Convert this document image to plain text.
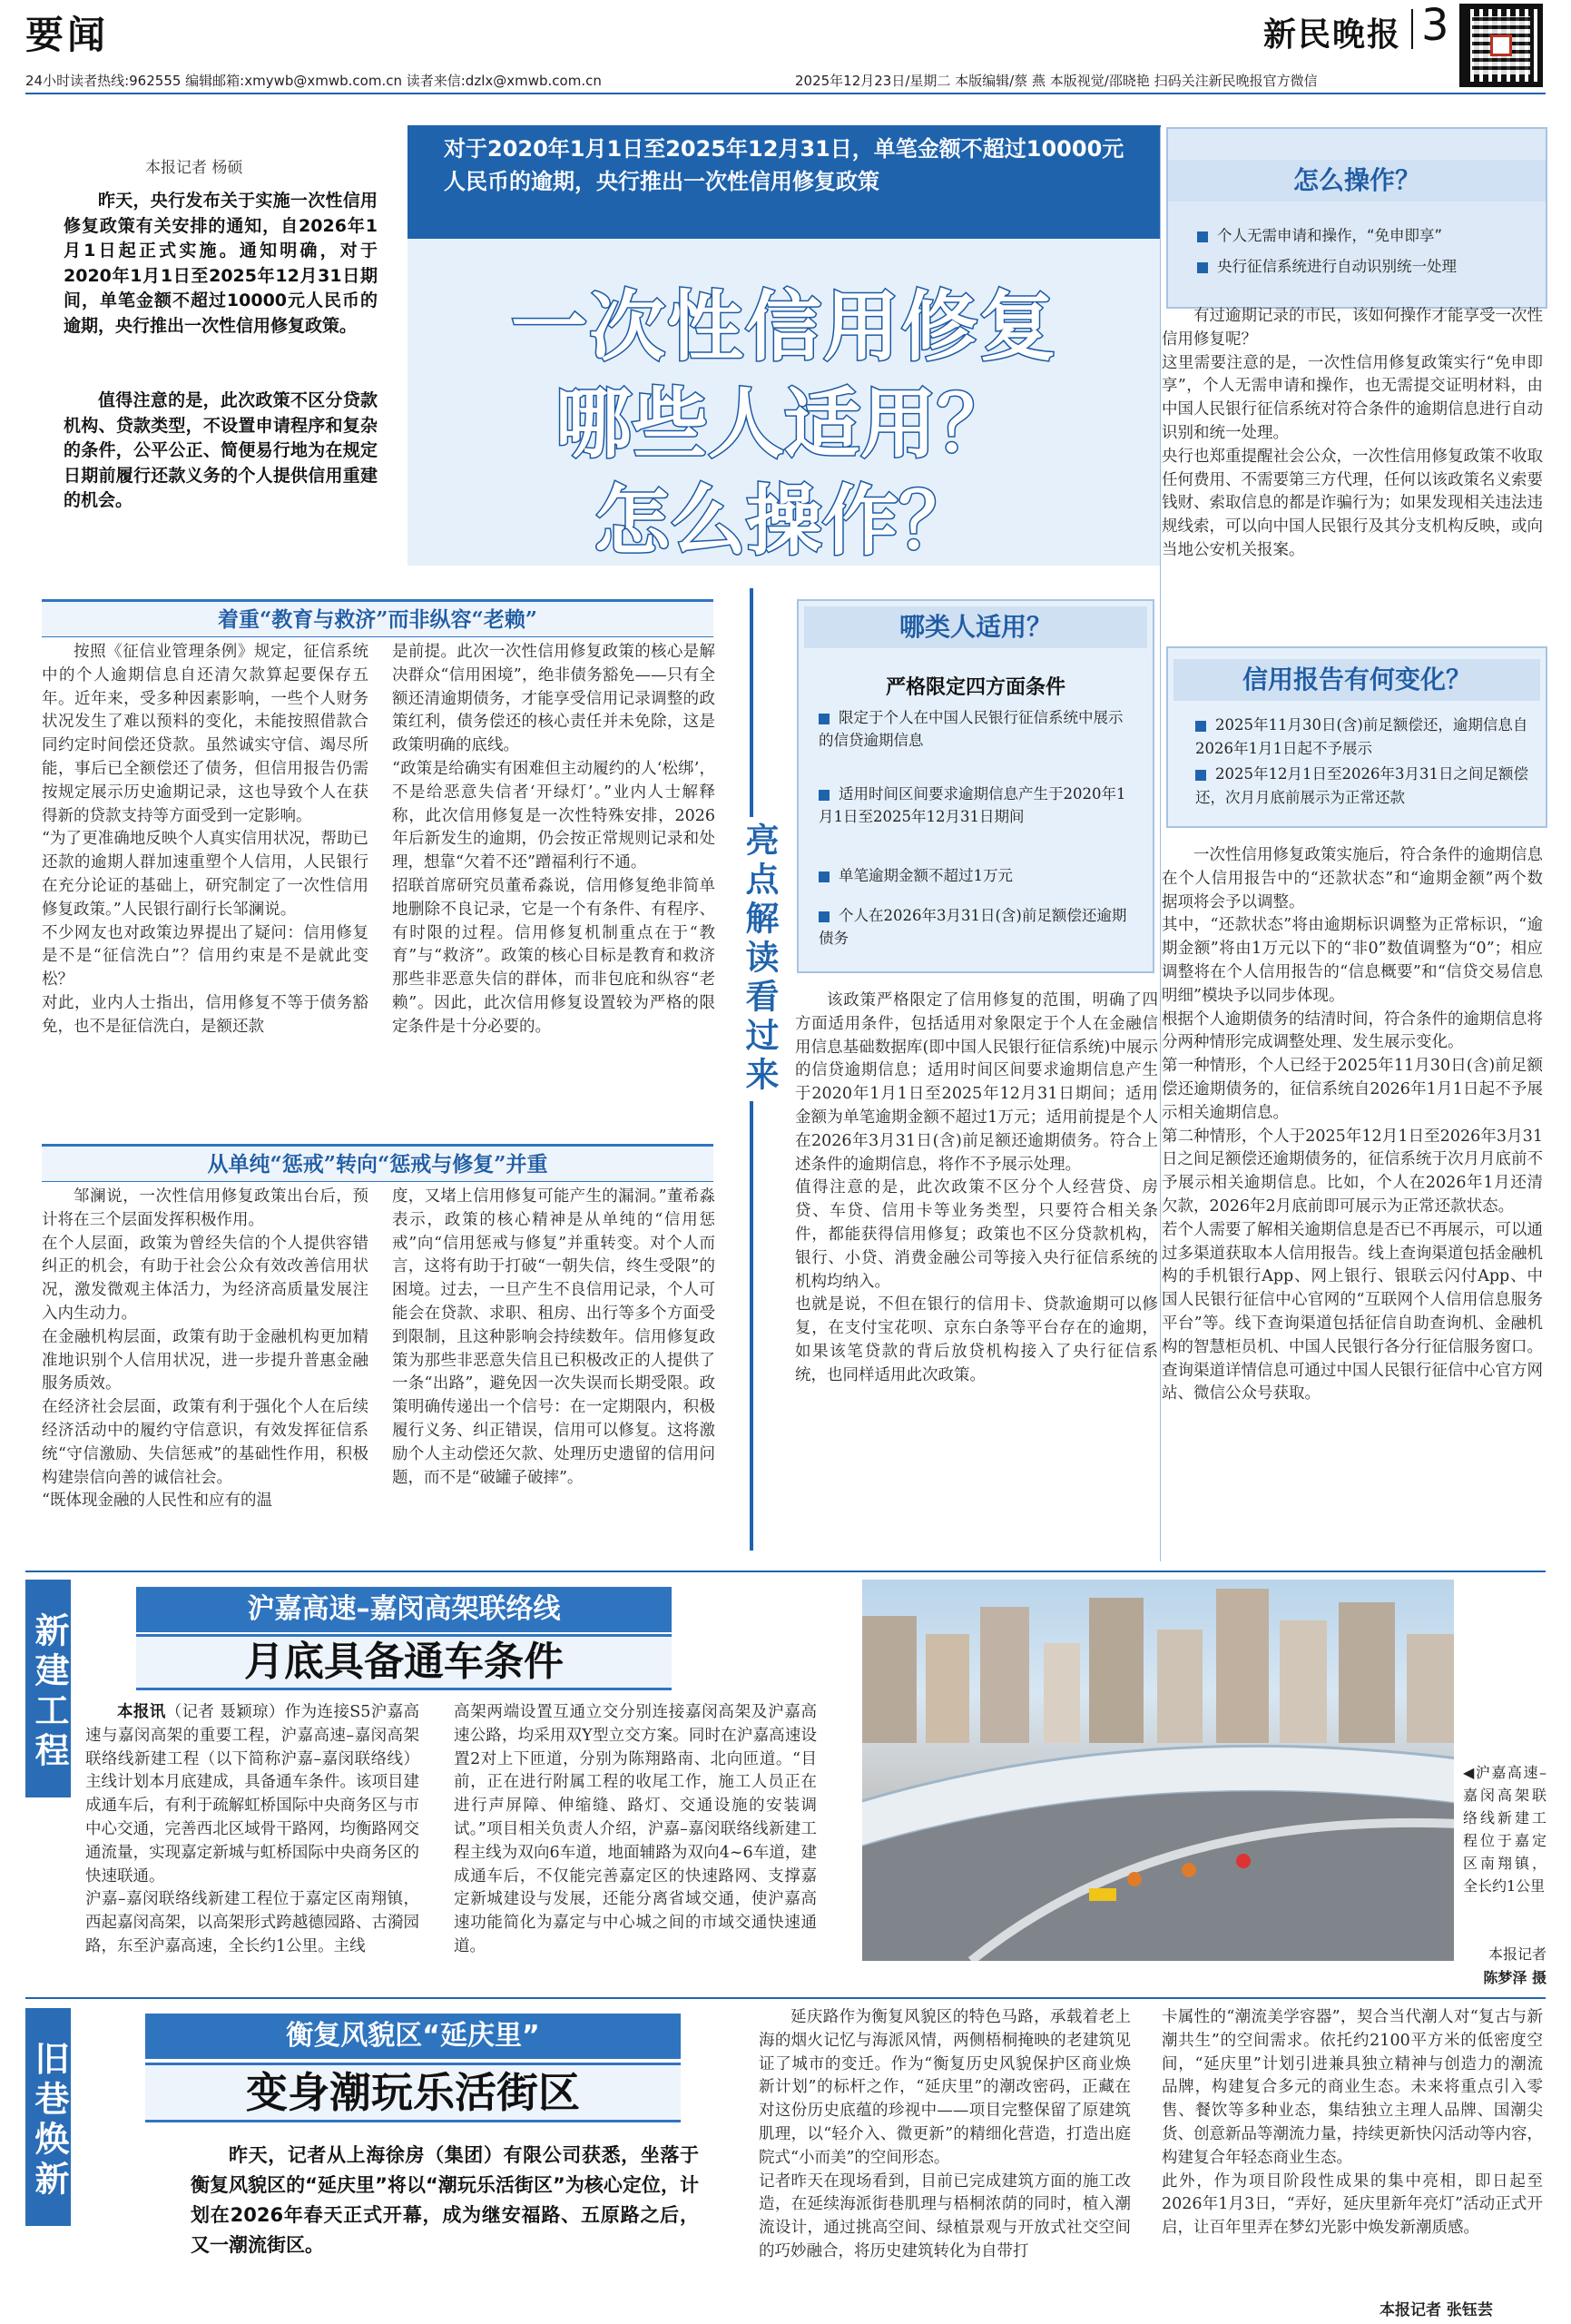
要闻	新民晚报 3
24小时读者热线:962555 编辑邮箱:xmywb@xmwb.com.cn 读者来信:dzlx@xmwb.com.cn	2025年12月23日/星期二 本版编辑/蔡 燕 本版视觉/邵晓艳 扫码关注新民晚报官方微信
本报记者 杨硕
昨天，央行发布关于实施一次性信用修复政策有关安排的通知，自2026年1月1日起正式实施。通知明确，对于2020年1月1日至2025年12月31日期间，单笔金额不超过10000元人民币的逾期，央行推出一次性信用修复政策。
值得注意的是，此次政策不区分贷款机构、贷款类型，不设置申请程序和复杂的条件，公平公正、简便易行地为在规定日期前履行还款义务的个人提供信用重建的机会。
对于2020年1月1日至2025年12月31日，单笔金额不超过10000元人民币的逾期，央行推出一次性信用修复政策
一次性信用修复
哪些人适用？
怎么操作？
怎么操作？
个人无需申请和操作，“免申即享”
央行征信系统进行自动识别统一处理
有过逾期记录的市民，该如何操作才能享受一次性信用修复呢？
这里需要注意的是，一次性信用修复政策实行“免申即享”，个人无需申请和操作，也无需提交证明材料，由中国人民银行征信系统对符合条件的逾期信息进行自动识别和统一处理。
央行也郑重提醒社会公众，一次性信用修复政策不收取任何费用、不需要第三方代理，任何以该政策名义索要钱财、索取信息的都是诈骗行为；如果发现相关违法违规线索，可以向中国人民银行及其分支机构反映，或向当地公安机关报案。
着重“教育与救济”而非纵容“老赖”
按照《征信业管理条例》规定，征信系统中的个人逾期信息自还清欠款算起要保存五年。近年来，受多种因素影响，一些个人财务状况发生了难以预料的变化，未能按照借款合同约定时间偿还贷款。虽然诚实守信、竭尽所能，事后已全额偿还了债务，但信用报告仍需按规定展示历史逾期记录，这也导致个人在获得新的贷款支持等方面受到一定影响。
“为了更准确地反映个人真实信用状况，帮助已还款的逾期人群加速重塑个人信用，人民银行在充分论证的基础上，研究制定了一次性信用修复政策。”人民银行副行长邹澜说。
不少网友也对政策边界提出了疑问：信用修复是不是“征信洗白”？信用约束是不是就此变松？
对此，业内人士指出，信用修复不等于债务豁免，也不是征信洗白，是额还款
是前提。此次一次性信用修复政策的核心是解决群众“信用困境”，绝非债务豁免——只有全额还清逾期债务，才能享受信用记录调整的政策红利，债务偿还的核心责任并未免除，这是政策明确的底线。
“政策是给确实有困难但主动履约的人‘松绑’，不是给恶意失信者‘开绿灯’。”业内人士解释称，此次信用修复是一次性特殊安排，2026年后新发生的逾期，仍会按正常规则记录和处理，想靠“欠着不还”蹭福利行不通。
招联首席研究员董希淼说，信用修复绝非简单地删除不良记录，它是一个有条件、有程序、有时限的过程。信用修复机制重点在于“教育”与“救济”。政策的核心目标是教育和救济那些非恶意失信的群体，而非包庇和纵容“老赖”。因此，此次信用修复设置较为严格的限定条件是十分必要的。
从单纯“惩戒”转向“惩戒与修复”并重
邹澜说，一次性信用修复政策出台后，预计将在三个层面发挥积极作用。
在个人层面，政策为曾经失信的个人提供容错纠正的机会，有助于社会公众有效改善信用状况，激发微观主体活力，为经济高质量发展注入内生动力。
在金融机构层面，政策有助于金融机构更加精准地识别个人信用状况，进一步提升普惠金融服务质效。
在经济社会层面，政策有利于强化个人在后续经济活动中的履约守信意识，有效发挥征信系统“守信激励、失信惩戒”的基础性作用，积极构建崇信向善的诚信社会。
“既体现金融的人民性和应有的温
度，又堵上信用修复可能产生的漏洞。”董希淼表示，政策的核心精神是从单纯的“信用惩戒”向“信用惩戒与修复”并重转变。对个人而言，这将有助于打破“一朝失信，终生受限”的困境。过去，一旦产生不良信用记录，个人可能会在贷款、求职、租房、出行等多个方面受到限制，且这种影响会持续数年。信用修复政策为那些非恶意失信且已积极改正的人提供了一条“出路”，避免因一次失误而长期受限。政策明确传递出一个信号：在一定期限内，积极履行义务、纠正错误，信用可以修复。这将激励个人主动偿还欠款、处理历史遗留的信用问题，而不是“破罐子破摔”。
亮点解读看过来
哪类人适用？
严格限定四方面条件
限定于个人在中国人民银行征信系统中展示的信贷逾期信息
适用时间区间要求逾期信息产生于2020年1月1日至2025年12月31日期间
单笔逾期金额不超过1万元
个人在2026年3月31日(含)前足额偿还逾期债务
该政策严格限定了信用修复的范围，明确了四方面适用条件，包括适用对象限定于个人在金融信用信息基础数据库(即中国人民银行征信系统)中展示的信贷逾期信息；适用时间区间要求逾期信息产生于2020年1月1日至2025年12月31日期间；适用金额为单笔逾期金额不超过1万元；适用前提是个人在2026年3月31日(含)前足额还逾期债务。符合上述条件的逾期信息，将作不予展示处理。
值得注意的是，此次政策不区分个人经营贷、房贷、车贷、信用卡等业务类型，只要符合相关条件，都能获得信用修复；政策也不区分贷款机构，银行、小贷、消费金融公司等接入央行征信系统的机构均纳入。
也就是说，不但在银行的信用卡、贷款逾期可以修复，在支付宝花呗、京东白条等平台存在的逾期，如果该笔贷款的背后放贷机构接入了央行征信系统，也同样适用此次政策。
信用报告有何变化？
2025年11月30日(含)前足额偿还，逾期信息自2026年1月1日起不予展示
2025年12月1日至2026年3月31日之间足额偿还，次月月底前展示为正常还款
一次性信用修复政策实施后，符合条件的逾期信息在个人信用报告中的“还款状态”和“逾期金额”两个数据项将会予以调整。
其中，“还款状态”将由逾期标识调整为正常标识，“逾期金额”将由1万元以下的“非0”数值调整为“0”；相应调整将在个人信用报告的“信息概要”和“信贷交易信息明细”模块予以同步体现。
根据个人逾期债务的结清时间，符合条件的逾期信息将分两种情形完成调整处理、发生展示变化。
第一种情形，个人已经于2025年11月30日(含)前足额偿还逾期债务的，征信系统自2026年1月1日起不予展示相关逾期信息。
第二种情形，个人于2025年12月1日至2026年3月31日之间足额偿还逾期债务的，征信系统于次月月底前不予展示相关逾期信息。比如，个人在2026年1月还清欠款，2026年2月底前即可展示为正常还款状态。
若个人需要了解相关逾期信息是否已不再展示，可以通过多渠道获取本人信用报告。线上查询渠道包括金融机构的手机银行App、网上银行、银联云闪付App、中国人民银行征信中心官网的“互联网个人信用信息服务平台”等。线下查询渠道包括征信自助查询机、金融机构的智慧柜员机、中国人民银行各分行征信服务窗口。查询渠道详情信息可通过中国人民银行征信中心官方网站、微信公众号获取。
新建工程
沪嘉高速–嘉闵高架联络线
月底具备通车条件
本报讯（记者 聂颖琼）作为连接S5沪嘉高速与嘉闵高架的重要工程，沪嘉高速–嘉闵高架联络线新建工程（以下简称沪嘉–嘉闵联络线）主线计划本月底建成，具备通车条件。该项目建成通车后，有利于疏解虹桥国际中央商务区与市中心交通，完善西北区域骨干路网，均衡路网交通流量，实现嘉定新城与虹桥国际中央商务区的快速联通。
沪嘉–嘉闵联络线新建工程位于嘉定区南翔镇，西起嘉闵高架，以高架形式跨越德园路、古漪园路，东至沪嘉高速，全长约1公里。主线
高架两端设置互通立交分别连接嘉闵高架及沪嘉高速公路，均采用双Y型立交方案。同时在沪嘉高速设置2对上下匝道，分别为陈翔路南、北向匝道。“目前，正在进行附属工程的收尾工作，施工人员正在进行声屏障、伸缩缝、路灯、交通设施的安装调试。”项目相关负责人介绍，沪嘉–嘉闵联络线新建工程主线为双向6车道，地面辅路为双向4~6车道，建成通车后，不仅能完善嘉定区的快速路网、支撑嘉定新城建设与发展，还能分离省域交通，使沪嘉高速功能简化为嘉定与中心城之间的市域交通快速通道。
◀沪嘉高速–嘉闵高架联络线新建工程位于嘉定区南翔镇，全长约1公里
本报记者
陈梦泽 摄
旧巷焕新
衡复风貌区“延庆里”
变身潮玩乐活街区
昨天，记者从上海徐房（集团）有限公司获悉，坐落于衡复风貌区的“延庆里”将以“潮玩乐活街区”为核心定位，计划在2026年春天正式开幕，成为继安福路、五原路之后，又一潮流街区。
延庆路作为衡复风貌区的特色马路，承载着老上海的烟火记忆与海派风情，两侧梧桐掩映的老建筑见证了城市的变迁。作为“衡复历史风貌保护区商业焕新计划”的标杆之作，“延庆里”的潮改密码，正藏在对这份历史底蕴的珍视中——项目完整保留了原建筑肌理，以“轻介入、微更新”的精细化营造，打造出庭院式“小而美”的空间形态。
记者昨天在现场看到，目前已完成建筑方面的施工改造，在延续海派街巷肌理与梧桐浓荫的同时，植入潮流设计，通过挑高空间、绿植景观与开放式社交空间的巧妙融合，将历史建筑转化为自带打
卡属性的“潮流美学容器”，契合当代潮人对“复古与新潮共生”的空间需求。依托约2100平方米的低密度空间，“延庆里”计划引进兼具独立精神与创造力的潮流品牌，构建复合多元的商业生态。未来将重点引入零售、餐饮等多种业态，集结独立主理人品牌、国潮尖货、创意新品等潮流力量，持续更新快闪活动等内容，构建复合年轻态商业生态。
此外，作为项目阶段性成果的集中亮相，即日起至2026年1月3日，“弄好，延庆里新年亮灯”活动正式开启，让百年里弄在梦幻光影中焕发新潮质感。
本报记者 张钰芸
